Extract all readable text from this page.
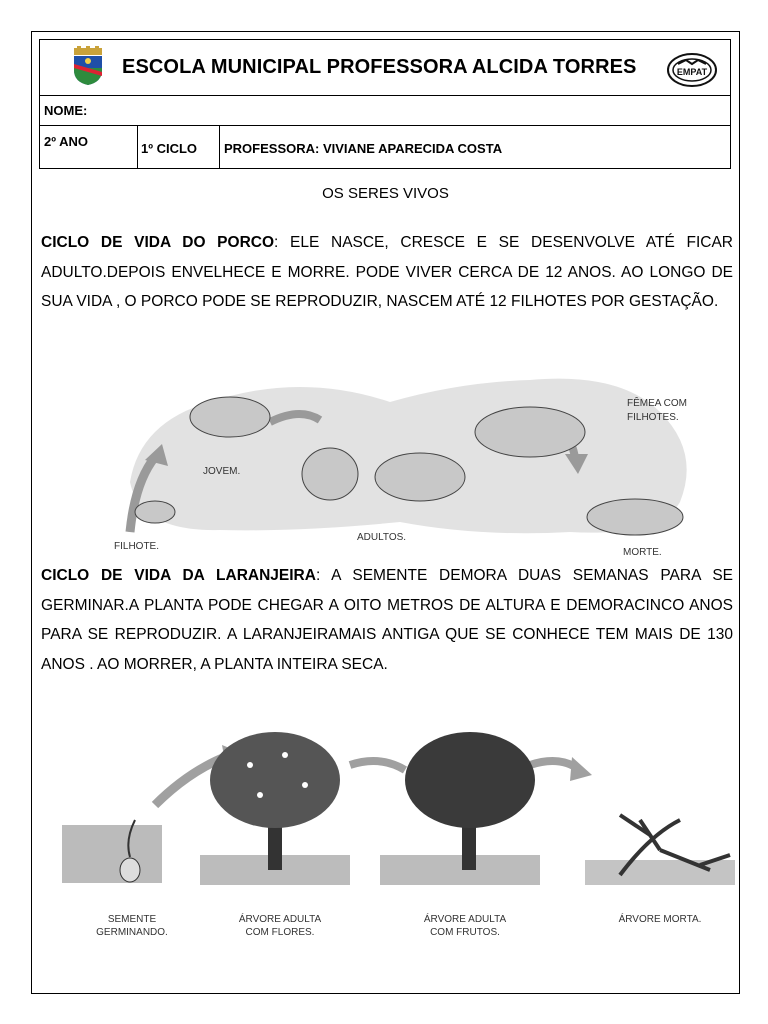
ESCOLA MUNICIPAL PROFESSORA ALCIDA TORRES	EMPAT
NOME:
2º ANO	1º CICLO PROFESSORA: VIVIANE APARECIDA COSTA
OS SERES VIVOS
CICLO DE VIDA DO PORCO: ELE NASCE, CRESCE E SE DESENVOLVE ATÉ FICAR ADULTO.DEPOIS ENVELHECE E MORRE. PODE VIVER CERCA DE 12 ANOS. AO LONGO DE SUA VIDA , O PORCO PODE SE REPRODUZIR, NASCEM ATÉ 12 FILHOTES POR GESTAÇÃO.
FILHOTE.
JOVEM.
ADULTOS.
FÊMEA COM
FILHOTES.
MORTE.
CICLO DE VIDA DA LARANJEIRA: A SEMENTE DEMORA DUAS SEMANAS PARA SE GERMINAR.A PLANTA PODE CHEGAR A OITO METROS DE ALTURA E DEMORACINCO ANOS PARA SE REPRODUZIR. A LARANJEIRAMAIS ANTIGA QUE SE CONHECE TEM MAIS DE 130 ANOS . AO MORRER, A PLANTA INTEIRA SECA.
SEMENTE
GERMINANDO.
ÁRVORE ADULTA
COM FLORES.
ÁRVORE ADULTA
COM FRUTOS.
ÁRVORE MORTA.
